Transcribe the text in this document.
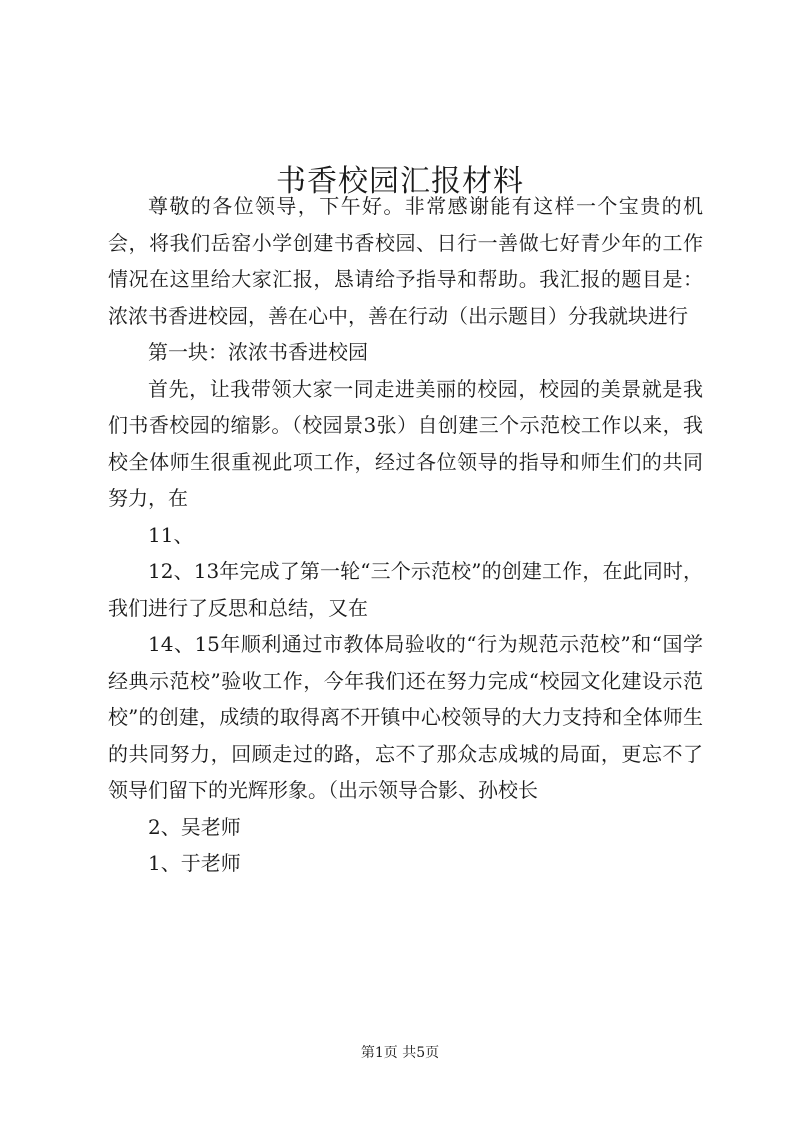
书香校园汇报材料

尊敬的各位领导，下午好。非常感谢能有这样一个宝贵的机会，将我们岳窑小学创建书香校园、日行一善做七好青少年的工作情况在这里给大家汇报，恳请给予指导和帮助。我汇报的题目是：浓浓书香进校园，善在心中，善在行动（出示题目）分我就块进行

第一块：浓浓书香进校园

首先，让我带领大家一同走进美丽的校园，校园的美景就是我们书香校园的缩影。（校园景3张）自创建三个示范校工作以来，我校全体师生很重视此项工作，经过各位领导的指导和师生们的共同努力，在

11、

12、13年完成了第一轮“三个示范校”的创建工作，在此同时，我们进行了反思和总结，又在

14、15年顺利通过市教体局验收的“行为规范示范校”和“国学经典示范校”验收工作，今年我们还在努力完成“校园文化建设示范校”的创建，成绩的取得离不开镇中心校领导的大力支持和全体师生的共同努力，回顾走过的路，忘不了那众志成城的局面，更忘不了领导们留下的光辉形象。（出示领导合影、孙校长

2、吴老师

1、于老师

第1页 共5页
